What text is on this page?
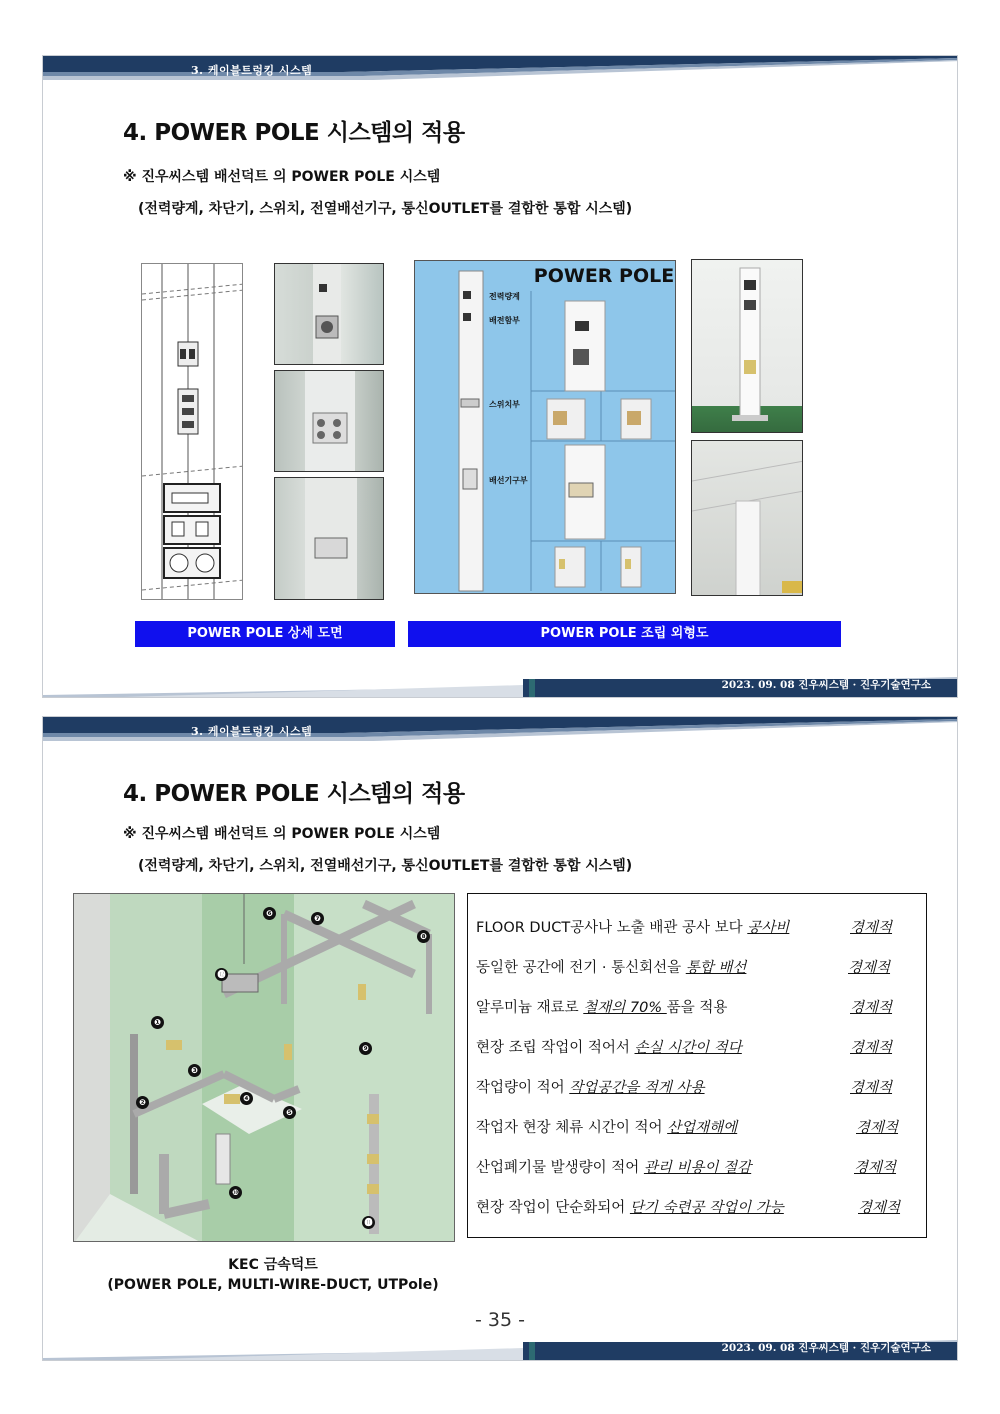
3. 케이블트렁킹 시스템
4. POWER POLE 시스템의 적용
※ 진우씨스템 배선덕트 의 POWER POLE 시스템
(전력량계, 차단기, 스위치, 전열배선기구, 통신OUTLET를 결합한 통합 시스템)
POWER POLE
전력량계
배전함부
스위치부
배선기구부
POWER POLE 상세 도면	POWER POLE 조립 외형도
2023. 09. 08 진우씨스템 · 진우기술연구소
3. 케이블트렁킹 시스템
4. POWER POLE 시스템의 적용
※ 진우씨스템 배선덕트 의 POWER POLE 시스템
(전력량계, 차단기, 스위치, 전열배선기구, 통신OUTLET를 결합한 통합 시스템)
❶
❷
❸
❹
❺
❻
❼
❽
❾
❿
⓫
⓬
FLOOR DUCT공사나 노출 배관 공사 보다 공사비	경제적
동일한 공간에 전기 · 통신회선을 통합 배선	경제적
알루미늄 재료로 철재의 70% 품을 적용	경제적
현장 조립 작업이 적어서 손실 시간이 적다	경제적
작업량이 적어 작업공간을 적게 사용	경제적
작업자 현장 체류 시간이 적어 산업재해에	경제적
산업폐기물 발생량이 적어 관리 비용이 절감	경제적
현장 작업이 단순화되어 단기 숙련공 작업이 가능	경제적
KEC 금속덕트
(POWER POLE, MULTI-WIRE-DUCT, UTPole)
- 35 -
2023. 09. 08 진우씨스템 · 진우기술연구소
